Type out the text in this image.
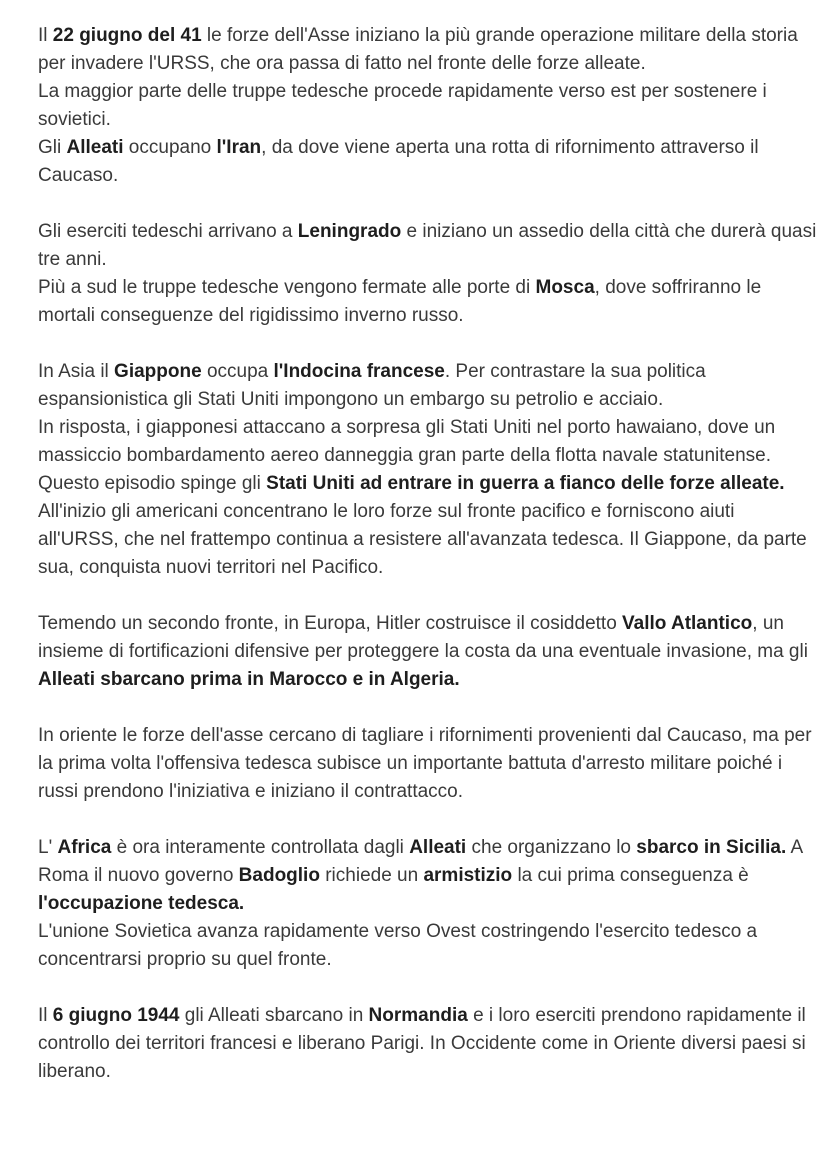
Il 22 giugno del 41 le forze dell'Asse iniziano la più grande operazione militare della storia per invadere l'URSS, che ora passa di fatto nel fronte delle forze alleate.
La maggior parte delle truppe tedesche procede rapidamente verso est per sostenere i sovietici.
Gli Alleati occupano l'Iran, da dove viene aperta una rotta di rifornimento attraverso il Caucaso.

Gli eserciti tedeschi arrivano a Leningrado e iniziano un assedio della città che durerà quasi tre anni.
Più a sud le truppe tedesche vengono fermate alle porte di Mosca, dove soffriranno le mortali conseguenze del rigidissimo inverno russo.

In Asia il Giappone occupa l'Indocina francese. Per contrastare la sua politica espansionistica gli Stati Uniti impongono un embargo su petrolio e acciaio.
In risposta, i giapponesi attaccano a sorpresa gli Stati Uniti nel porto hawaiano, dove un massiccio bombardamento aereo danneggia gran parte della flotta navale statunitense. Questo episodio spinge gli Stati Uniti ad entrare in guerra a fianco delle forze alleate. All'inizio gli americani concentrano le loro forze sul fronte pacifico e forniscono aiuti all'URSS, che nel frattempo continua a resistere all'avanzata tedesca. Il Giappone, da parte sua, conquista nuovi territori nel Pacifico.

Temendo un secondo fronte, in Europa, Hitler costruisce il cosiddetto Vallo Atlantico, un insieme di fortificazioni difensive per proteggere la costa da una eventuale invasione, ma gli Alleati sbarcano prima in Marocco e in Algeria.

In oriente le forze dell'asse cercano di tagliare i rifornimenti provenienti dal Caucaso, ma per la prima volta l'offensiva tedesca subisce un importante battuta d'arresto militare poiché i russi prendono l'iniziativa e iniziano il contrattacco.

L' Africa è ora interamente controllata dagli Alleati che organizzano lo sbarco in Sicilia. A Roma il nuovo governo Badoglio richiede un armistizio la cui prima conseguenza è l'occupazione tedesca.
L'unione Sovietica avanza rapidamente verso Ovest costringendo l'esercito tedesco a concentrarsi proprio su quel fronte.

Il 6 giugno 1944 gli Alleati sbarcano in Normandia e i loro eserciti prendono rapidamente il controllo dei territori francesi e liberano Parigi. In Occidente come in Oriente diversi paesi si liberano.
